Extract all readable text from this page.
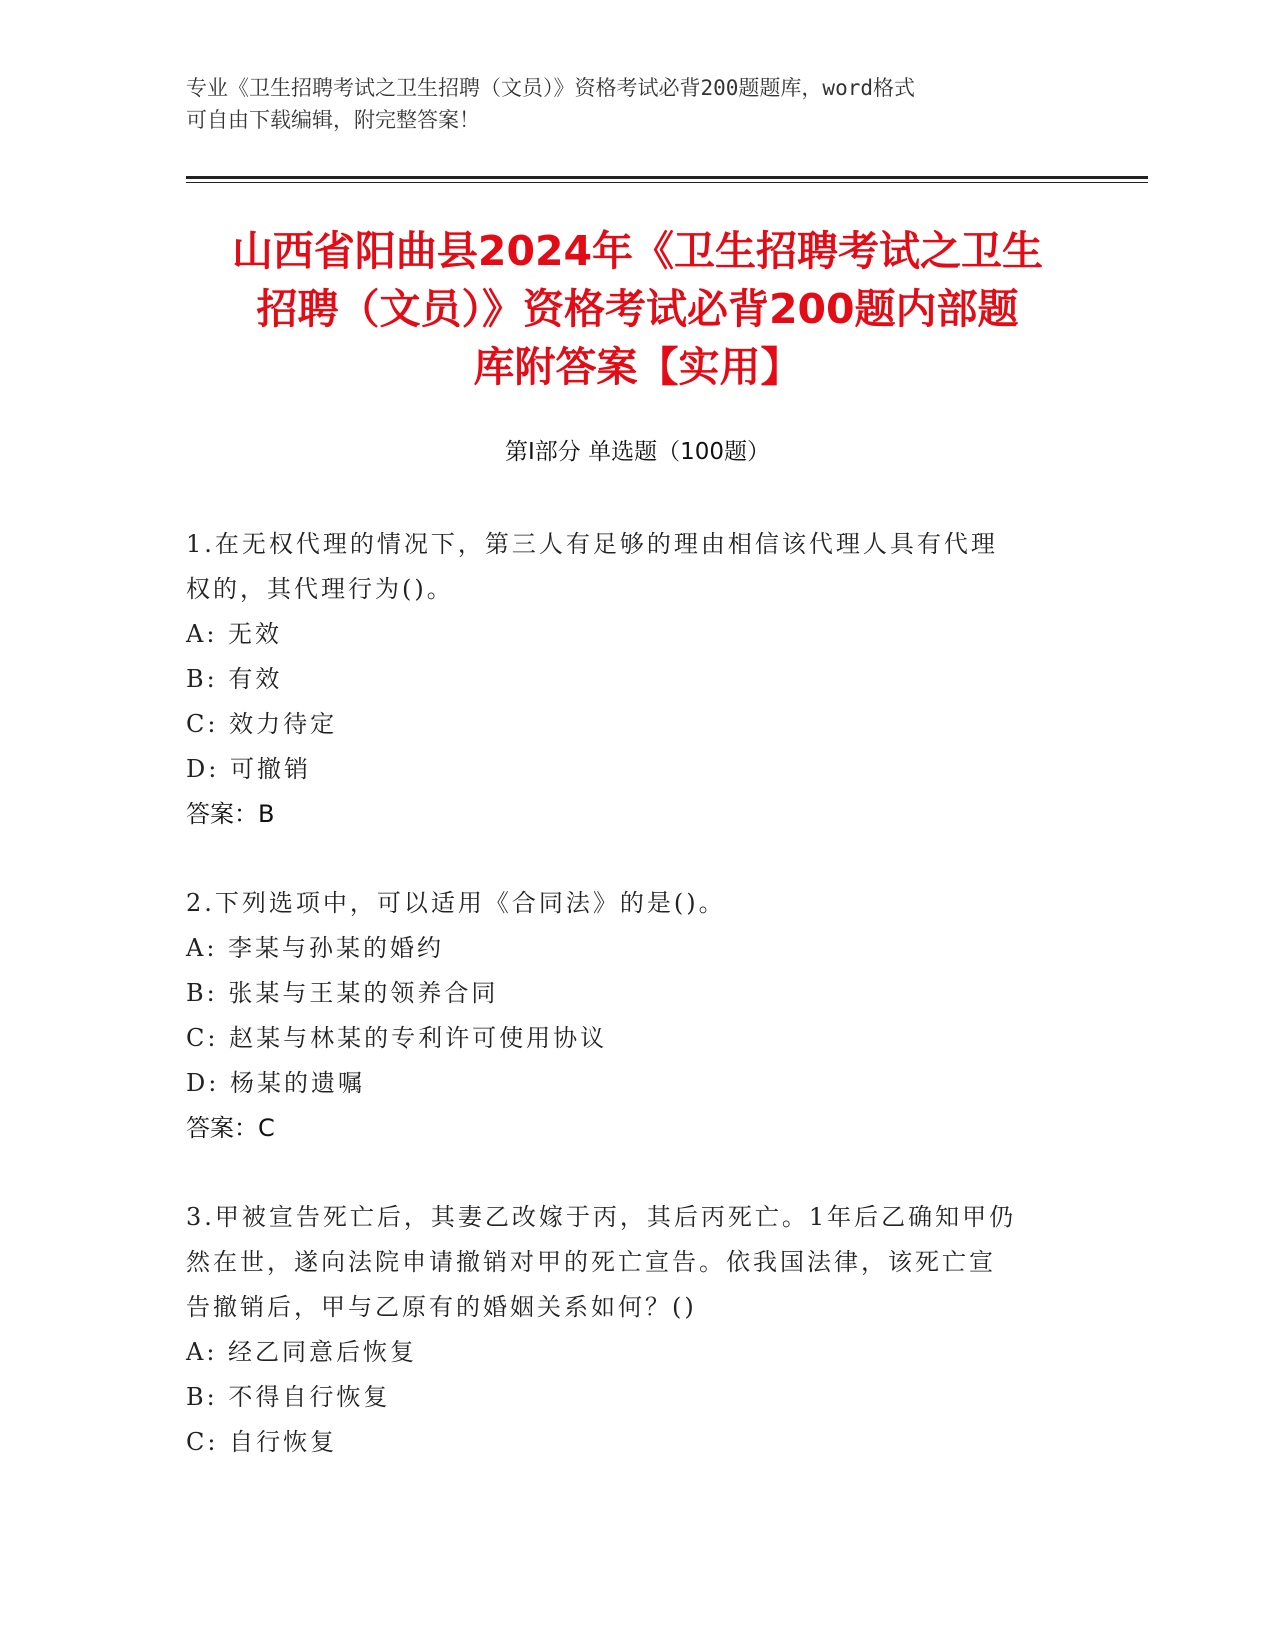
专业《卫生招聘考试之卫生招聘（文员）》资格考试必背200题题库，word格式
可自由下载编辑，附完整答案！
山西省阳曲县2024年《卫生招聘考试之卫生
招聘（文员）》资格考试必背200题内部题
库附答案【实用】
第Ⅰ部分 单选题（100题）
1.在无权代理的情况下，第三人有足够的理由相信该代理人具有代理
权的，其代理行为()。
A: 无效
B: 有效
C: 效力待定
D: 可撤销
答案：B
2.下列选项中，可以适用《合同法》的是()。
A: 李某与孙某的婚约
B: 张某与王某的领养合同
C: 赵某与林某的专利许可使用协议
D: 杨某的遗嘱
答案：C
3.甲被宣告死亡后，其妻乙改嫁于丙，其后丙死亡。1年后乙确知甲仍
然在世，遂向法院申请撤销对甲的死亡宣告。依我国法律，该死亡宣
告撤销后，甲与乙原有的婚姻关系如何？()
A: 经乙同意后恢复
B: 不得自行恢复
C: 自行恢复
